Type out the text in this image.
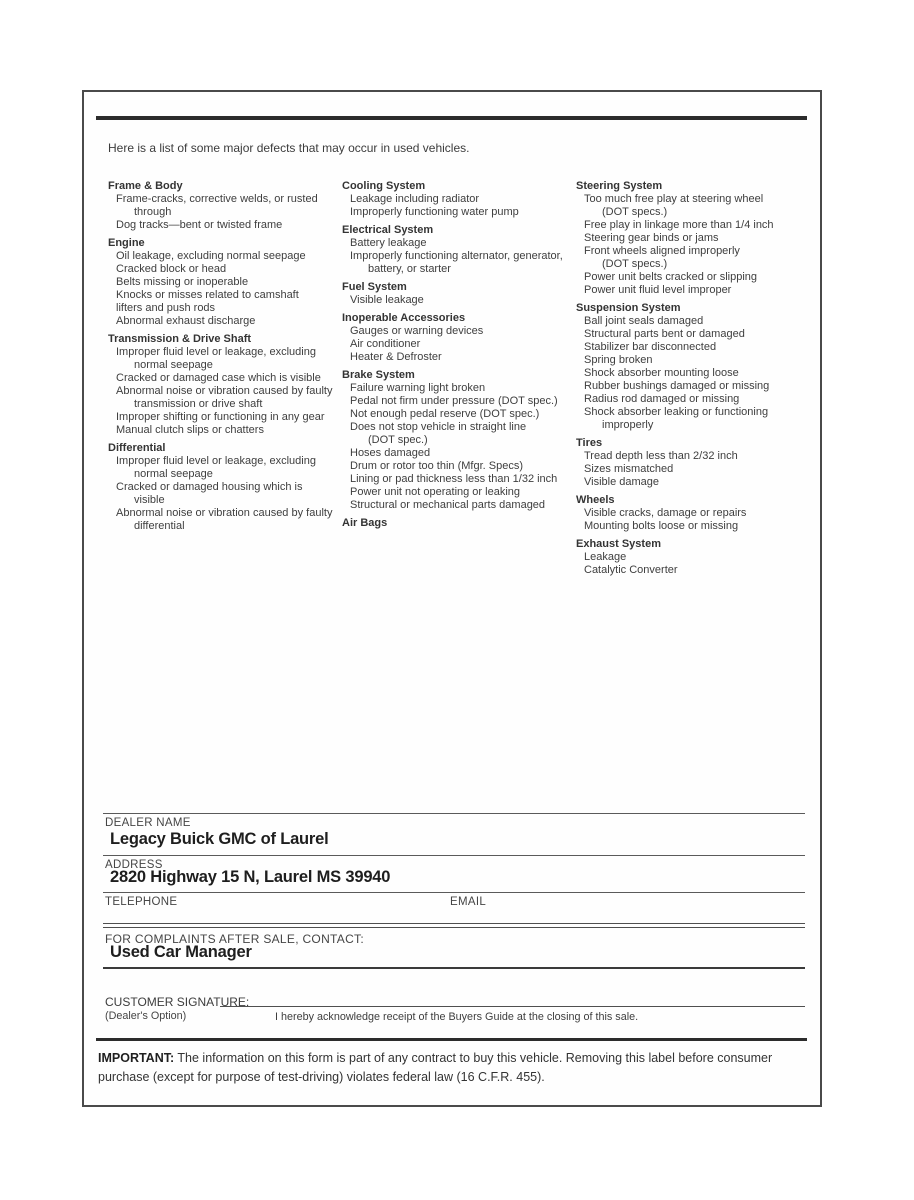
Here is a list of some major defects that may occur in used vehicles.
Frame & Body
Frame-cracks, corrective welds, or rusted
through
Dog tracks—bent or twisted frame
Engine
Oil leakage, excluding normal seepage
Cracked block or head
Belts missing or inoperable
Knocks or misses related to camshaft
lifters and push rods
Abnormal exhaust discharge
Transmission & Drive Shaft
Improper fluid level or leakage, excluding
normal seepage
Cracked or damaged case which is visible
Abnormal noise or vibration caused by faulty
transmission or drive shaft
Improper shifting or functioning in any gear
Manual clutch slips or chatters
Differential
Improper fluid level or leakage, excluding
normal seepage
Cracked or damaged housing which is
visible
Abnormal noise or vibration caused by faulty
differential
Cooling System
Leakage including radiator
Improperly functioning water pump
Electrical System
Battery leakage
Improperly functioning alternator, generator,
battery, or starter
Fuel System
Visible leakage
Inoperable Accessories
Gauges or warning devices
Air conditioner
Heater & Defroster
Brake System
Failure warning light broken
Pedal not firm under pressure (DOT spec.)
Not enough pedal reserve (DOT spec.)
Does not stop vehicle in straight line
(DOT spec.)
Hoses damaged
Drum or rotor too thin (Mfgr. Specs)
Lining or pad thickness less than 1/32 inch
Power unit not operating or leaking
Structural or mechanical parts damaged
Air Bags
Steering System
Too much free play at steering wheel
(DOT specs.)
Free play in linkage more than 1/4 inch
Steering gear binds or jams
Front wheels aligned improperly
(DOT specs.)
Power unit belts cracked or slipping
Power unit fluid level improper
Suspension System
Ball joint seals damaged
Structural parts bent or damaged
Stabilizer bar disconnected
Spring broken
Shock absorber mounting loose
Rubber bushings damaged or missing
Radius rod damaged or missing
Shock absorber leaking or functioning
improperly
Tires
Tread depth less than 2/32 inch
Sizes mismatched
Visible damage
Wheels
Visible cracks, damage or repairs
Mounting bolts loose or missing
Exhaust System
Leakage
Catalytic Converter
DEALER NAME
Legacy Buick GMC of Laurel
ADDRESS
2820 Highway 15 N, Laurel MS 39940
TELEPHONE	EMAIL
FOR COMPLAINTS AFTER SALE, CONTACT:
Used Car Manager
CUSTOMER SIGNATURE:
(Dealer's Option)	I hereby acknowledge receipt of the Buyers Guide at the closing of this sale.
IMPORTANT: The information on this form is part of any contract to buy this vehicle. Removing this label before consumer purchase (except for purpose of test-driving) violates federal law (16 C.F.R. 455).
